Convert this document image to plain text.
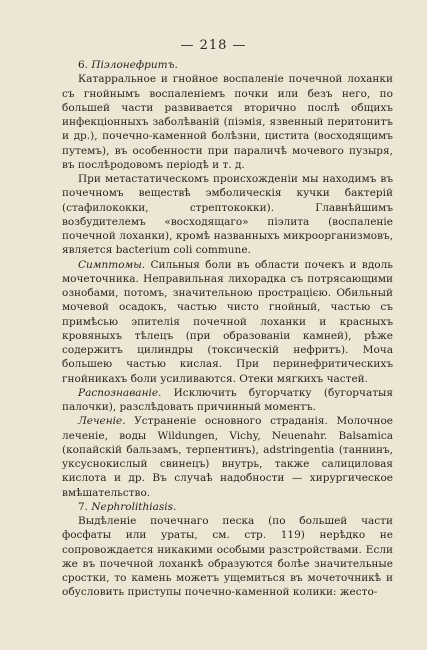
— 218 —

6. Пiэлонефритъ.

Катарральное и гнойное воспаленіе почечной лоханки съ гнойнымъ воспаленіемъ почки или безъ него, по большей части развивается вторично послѣ общихъ инфекціонныхъ заболѣваній (піэмія, язвенный перитонитъ и др.), почечно-каменной болѣзни, цистита (восходящимъ путемъ), въ особенности при параличѣ мочевого пузыря, въ послѣродовомъ періодѣ и т. д.

При метастатическомъ происхожденіи мы находимъ въ почечномъ веществѣ эмболическія кучки бактерій (стафилококки, стрептококки). Главнѣйшимъ возбудителемъ «восходящаго» піэлита (воспаленіе почечной лоханки), кромѣ названныхъ микроорганизмовъ, является bacterium coli commune.

Симптомы. Сильныя боли въ области почекъ и вдоль мочеточника. Неправильная лихорадка съ потрясающими ознобами, потомъ, значительною прострацією. Обильный мочевой осадокъ, частью чисто гнойный, частью съ примѣсью эпителія почечной лоханки и красныхъ кровяныхъ тѣлецъ (при образованіи камней), рѣже содержитъ цилиндры (токсическій нефритъ). Моча большею частью кислая. При перинефритическихъ гнойникахъ боли усиливаются. Отеки мягкихъ частей.

Распознаваніе. Исключить бугорчатку (бугорчатыя палочки), разслѣдовать причинный моментъ.

Леченіе. Устраненіе основного страданія. Молочное леченіе, воды Wildungen, Vichy, Neuenahr. Balsamica (копайскій бальзамъ, терпентинъ), adstringentia (таннинъ, уксуснокислый свинецъ) внутрь, также салициловая кислота и др. Въ случаѣ надобности — хирургическое вмѣшательство.

7. Nephrolithiasis.

Выдѣленіе почечнаго песка (по большей части фосфаты или ураты, см. стр. 119) нерѣдко не сопровождается никакими особыми разстройствами. Если же въ почечной лоханкѣ образуются болѣе значительные сростки, то камень можетъ ущемиться въ мочеточникѣ и обусловить приступы почечно-каменной колики: жесто-
